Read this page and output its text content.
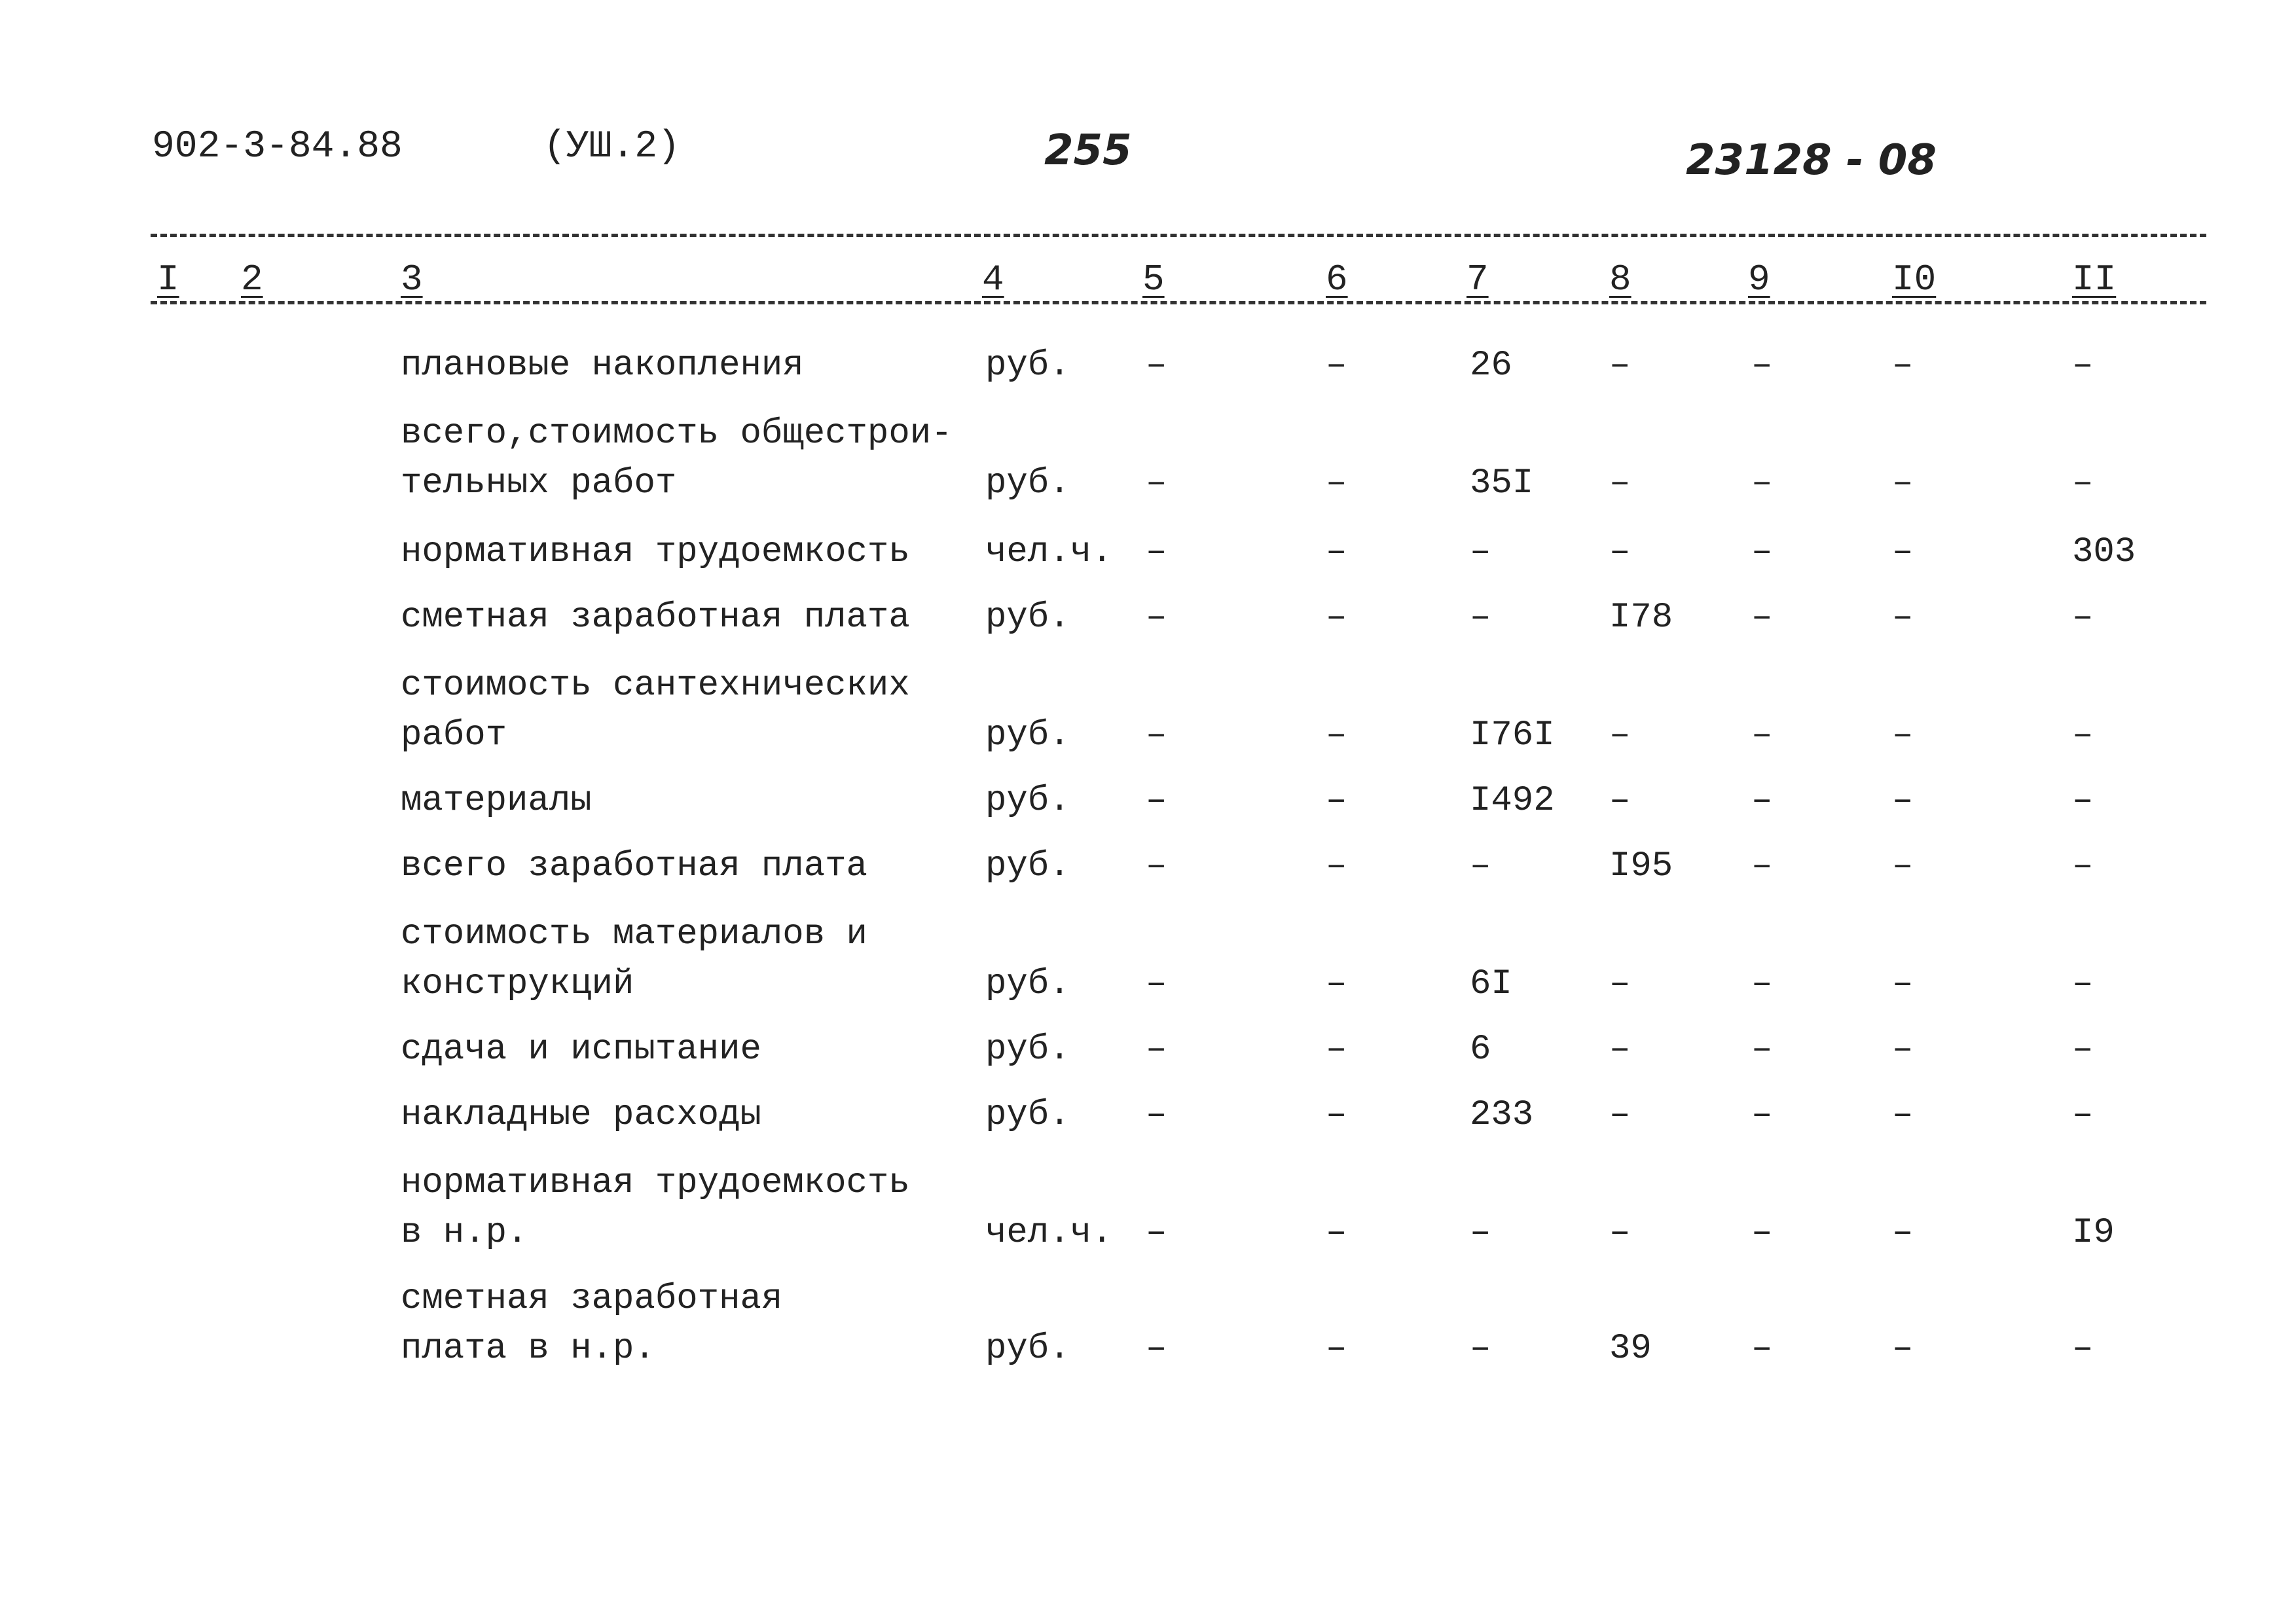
902-3-84.88	(УШ.2)	255	23128 - 08
I 2	3	4	5	6	7	8	9	I0	II
плановые накопления	руб. –	–	26	–	–	–	–
всего,стоимость общестрои-
тельных работ	руб. –	–	35I –	–	–	–
нормативная трудоемкость чел.ч. –	–	–	–	–	–	303
сметная заработная плата руб. –	–	–	I78 –	–	–
стоимость сантехнических
работ	руб. –	–	I76I –	–	–	–
материалы	руб. –	–	I492 –	–	–	–
всего заработная плата	руб. –	–	–	I95 –	–	–
стоимость материалов и
конструкций	руб. –	–	6I	–	–	–	–
сдача и испытание	руб. –	–	6	–	–	–	–
накладные расходы	руб. –	–	233 –	–	–	–
нормативная трудоемкость
в н.р.	чел.ч. –	–	–	–	–	–	I9
сметная заработная
плата в н.р.	руб. –	–	–	39	–	–	–
